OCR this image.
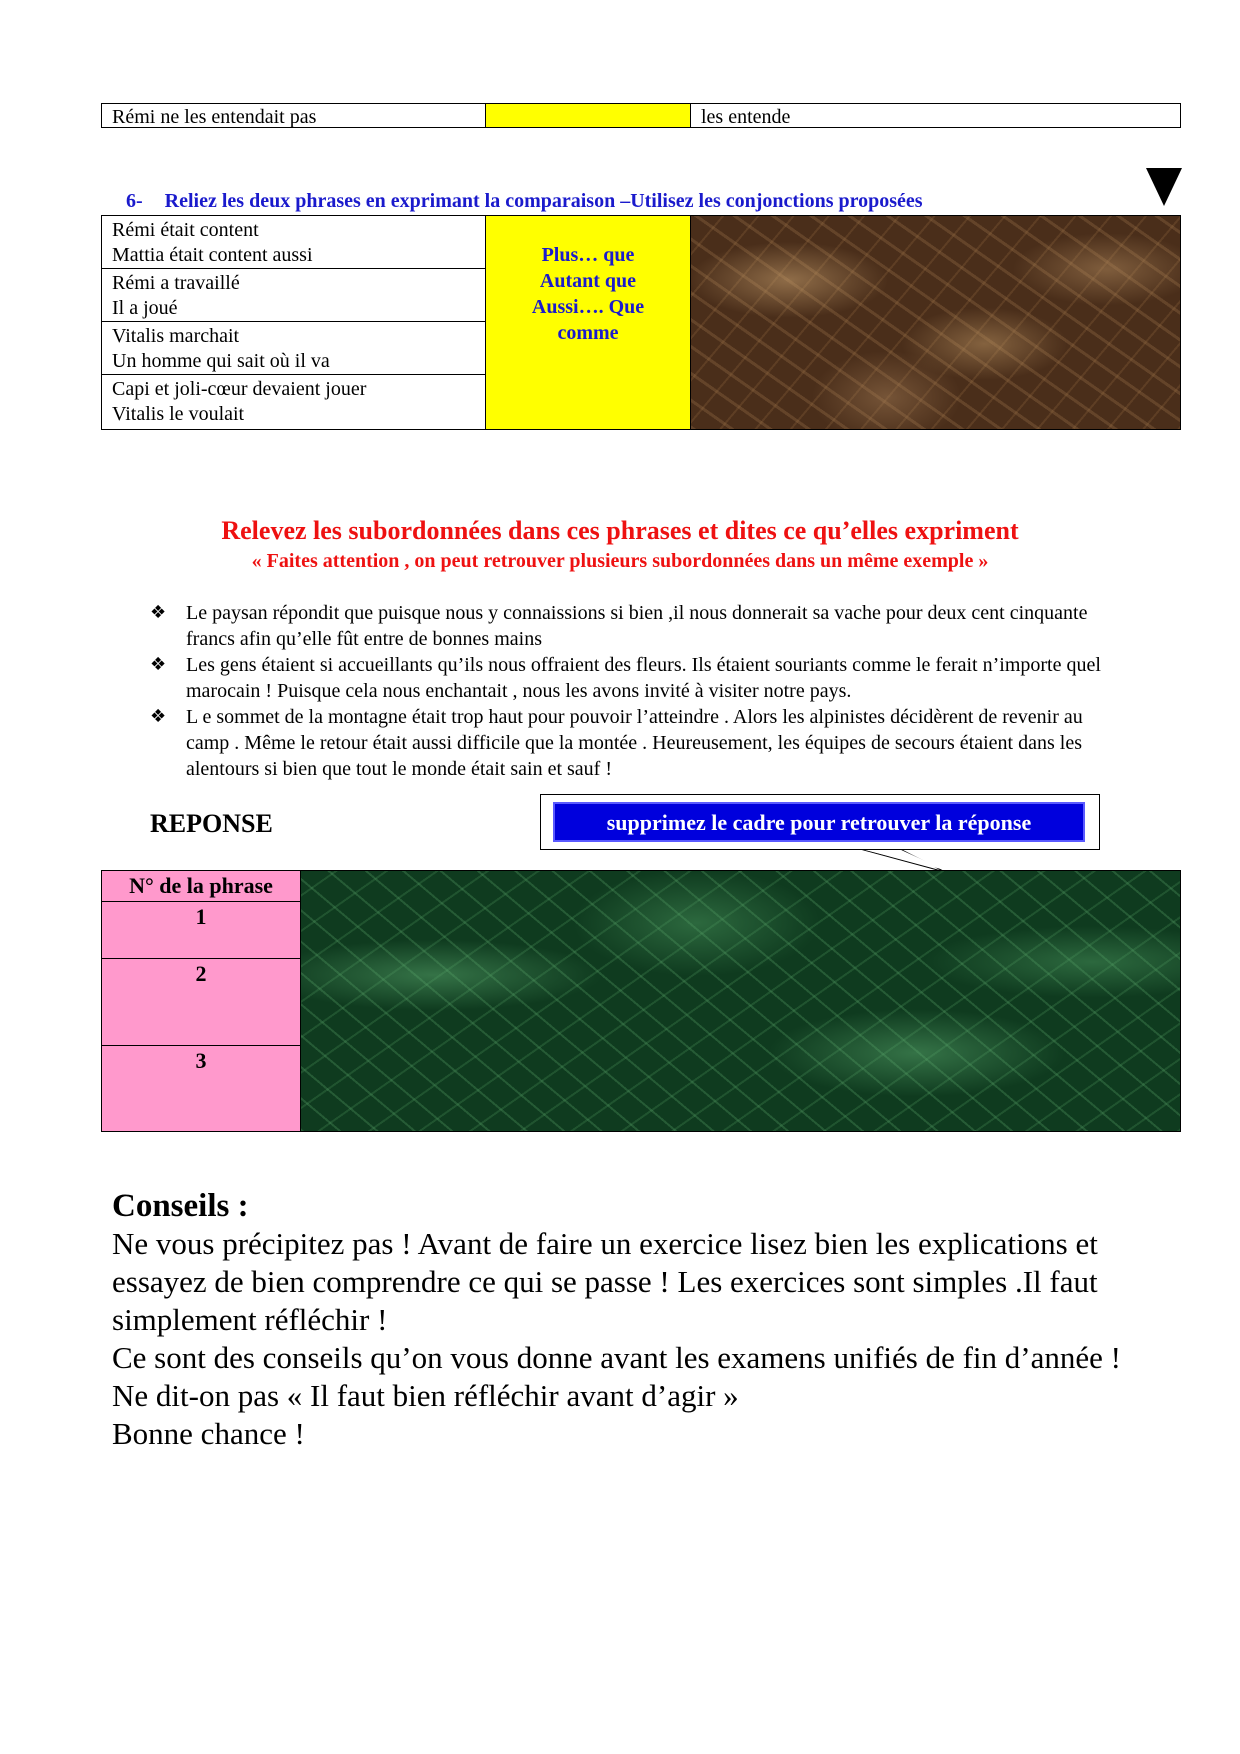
Rémi ne les entendait pas	les entende
6- Reliez les deux phrases en exprimant la comparaison –Utilisez les conjonctions proposées
Rémi était content
Mattia était content aussi
Rémi a travaillé
Il a joué
Vitalis marchait
Un homme qui sait où il va
Capi et joli-cœur devaient jouer
Vitalis le voulait
Plus… que
Autant que
Aussi…. Que
comme
Relevez les subordonnées dans ces phrases et dites ce qu’elles expriment
« Faites attention , on peut retrouver plusieurs subordonnées dans un même exemple »
❖ Le paysan répondit que puisque nous y connaissions si bien ,il nous donnerait sa vache pour deux cent cinquante francs afin qu’elle fût entre de bonnes mains
❖ Les gens étaient si accueillants qu’ils nous offraient des fleurs. Ils étaient souriants comme le ferait n’importe quel marocain ! Puisque cela nous enchantait , nous les avons invité à visiter notre pays.
❖ L e sommet de la montagne était trop haut pour pouvoir l’atteindre . Alors les alpinistes décidèrent de revenir au camp . Même le retour était aussi difficile que la montée . Heureusement, les équipes de secours étaient dans les alentours si bien que tout le monde était sain et sauf !
REPONSE	supprimez le cadre pour retrouver la réponse
N° de la phrase
1
2
3
Conseils :
Ne vous précipitez pas ! Avant de faire un exercice lisez bien les explications et essayez de bien comprendre ce qui se passe ! Les exercices sont simples .Il faut simplement réfléchir !
Ce sont des conseils qu’on vous donne avant les examens unifiés de fin d’année !
Ne dit-on pas « Il faut bien réfléchir avant d’agir »
Bonne chance !
